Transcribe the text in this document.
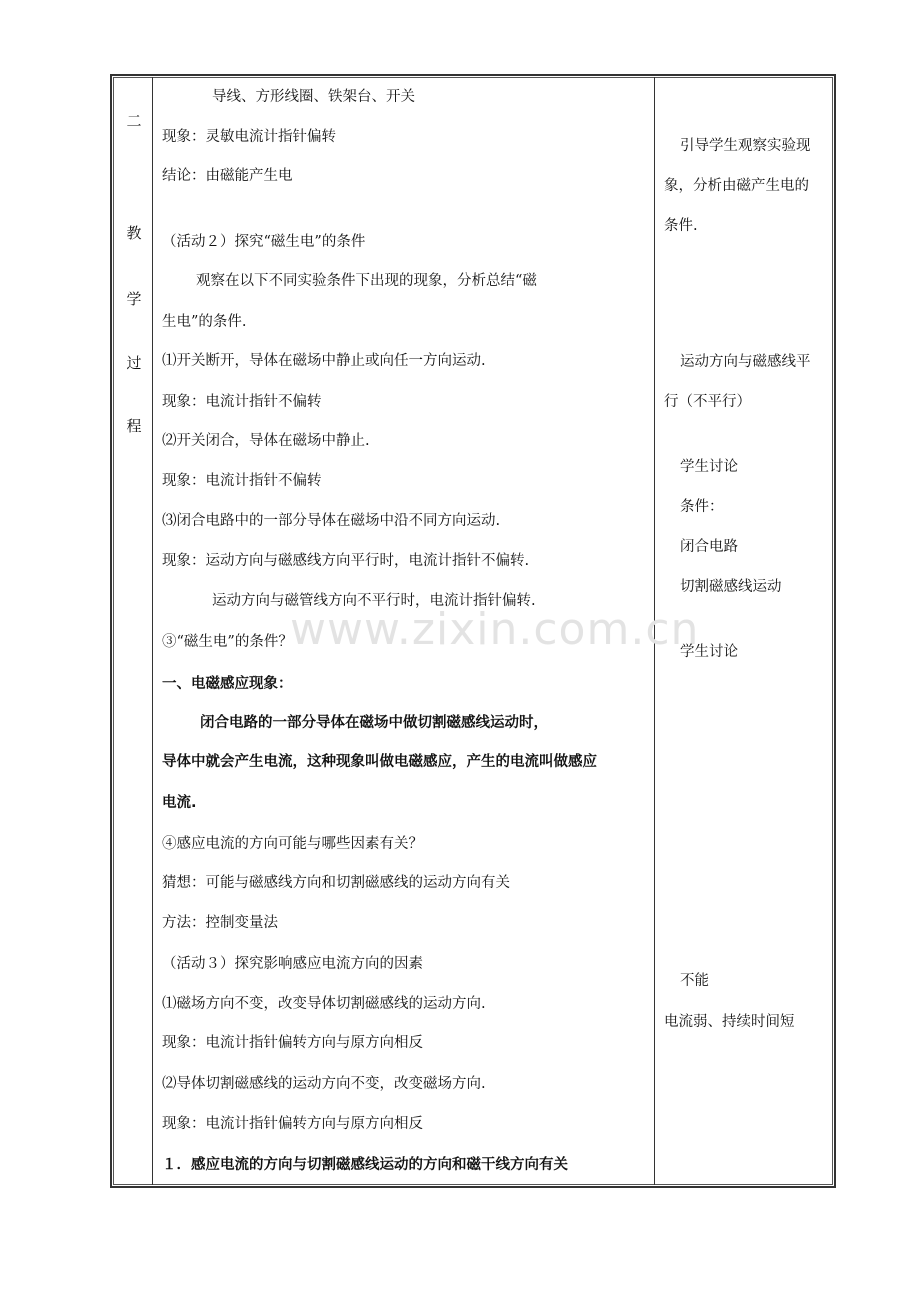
www.zixin.com.cn
二
教
学
过
程
导线、方形线圈、铁架台、开关
现象：灵敏电流计指针偏转
结论：由磁能产生电
（活动２）探究“磁生电”的条件
观察在以下不同实验条件下出现的现象，分析总结“磁
生电”的条件.
⑴开关断开，导体在磁场中静止或向任一方向运动.
现象：电流计指针不偏转
⑵开关闭合，导体在磁场中静止.
现象：电流计指针不偏转
⑶闭合电路中的一部分导体在磁场中沿不同方向运动.
现象：运动方向与磁感线方向平行时，电流计指针不偏转.
运动方向与磁管线方向不平行时，电流计指针偏转.
③“磁生电”的条件？
一、电磁感应现象：
闭合电路的一部分导体在磁场中做切割磁感线运动时，
导体中就会产生电流，这种现象叫做电磁感应，产生的电流叫做感应
电流.
④感应电流的方向可能与哪些因素有关？
猜想：可能与磁感线方向和切割磁感线的运动方向有关
方法：控制变量法
（活动３）探究影响感应电流方向的因素
⑴磁场方向不变，改变导体切割磁感线的运动方向.
现象：电流计指针偏转方向与原方向相反
⑵导体切割磁感线的运动方向不变，改变磁场方向.
现象：电流计指针偏转方向与原方向相反
１．感应电流的方向与切割磁感线运动的方向和磁干线方向有关
引导学生观察实验现
象，分析由磁产生电的
条件.
运动方向与磁感线平
行（不平行）
学生讨论
条件：
闭合电路
切割磁感线运动
学生讨论
不能
电流弱、持续时间短
